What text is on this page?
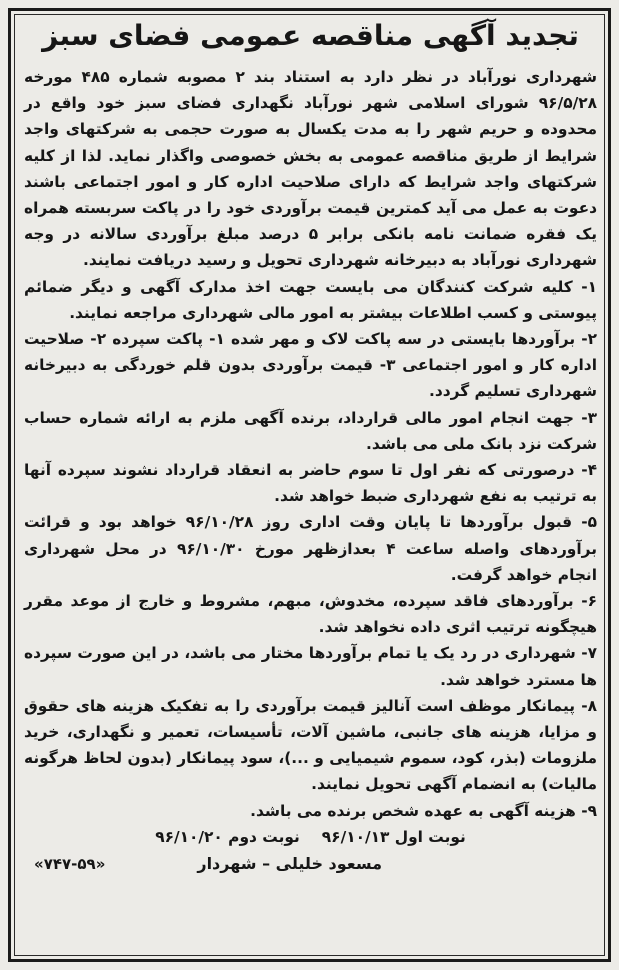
تجدید آگهی مناقصه عمومی فضای سبز

شهرداری نورآباد در نظر دارد به استناد بند ۲ مصوبه شماره ۴۸۵ مورخه ۹۶/۵/۲۸ شورای اسلامی شهر نورآباد نگهداری فضای سبز خود واقع در محدوده و حریم شهر را به مدت یکسال به صورت حجمی به شرکتهای واجد شرایط از طریق مناقصه عمومی به بخش خصوصی واگذار نماید. لذا از کلیه شرکتهای واجد شرایط که دارای صلاحیت اداره کار و امور اجتماعی باشند دعوت به عمل می آید کمترین قیمت برآوردی خود را در پاکت سربسته همراه یک فقره ضمانت نامه بانکی برابر ۵ درصد مبلغ برآوردی سالانه در وجه شهرداری نورآباد به دبیرخانه شهرداری تحویل و رسید دریافت نمایند.

۱- کلیه شرکت کنندگان می بایست جهت اخذ مدارک آگهی و دیگر ضمائم پیوستی و کسب اطلاعات بیشتر به امور مالی شهرداری مراجعه نمایند.

۲- برآوردها بایستی در سه پاکت لاک و مهر شده ۱- پاکت سپرده ۲- صلاحیت اداره کار و امور اجتماعی ۳- قیمت برآوردی بدون قلم خوردگی به دبیرخانه شهرداری تسلیم گردد.

۳- جهت انجام امور مالی قرارداد، برنده آگهی ملزم به ارائه شماره حساب شرکت نزد بانک ملی می باشد.

۴- درصورتی که نفر اول تا سوم حاضر به انعقاد قرارداد نشوند سپرده آنها به ترتیب به نفع شهرداری ضبط خواهد شد.

۵- قبول برآوردها تا پایان وقت اداری روز ۹۶/۱۰/۲۸ خواهد بود و قرائت برآوردهای واصله ساعت ۴ بعدازظهر مورخ ۹۶/۱۰/۳۰ در محل شهرداری انجام خواهد گرفت.

۶- برآوردهای فاقد سپرده، مخدوش، مبهم، مشروط و خارج از موعد مقرر هیچگونه ترتیب اثری داده نخواهد شد.

۷- شهرداری در رد یک یا تمام برآوردها مختار می باشد، در این صورت سپرده ها مسترد خواهد شد.

۸- پیمانکار موظف است آنالیز قیمت برآوردی را به تفکیک هزینه های حقوق و مزایا، هزینه های جانبی، ماشین آلات، تأسیسات، تعمیر و نگهداری، خرید ملزومات (بذر، کود، سموم شیمیایی و ...)، سود پیمانکار (بدون لحاظ هرگونه مالیات) به انضمام آگهی تحویل نمایند.

۹- هزینه آگهی به عهده شخص برنده می باشد.

نوبت اول ۹۶/۱۰/۱۳
نوبت دوم ۹۶/۱۰/۲۰
مسعود خلیلی – شهردار
«۷۴۷-۵۹»
